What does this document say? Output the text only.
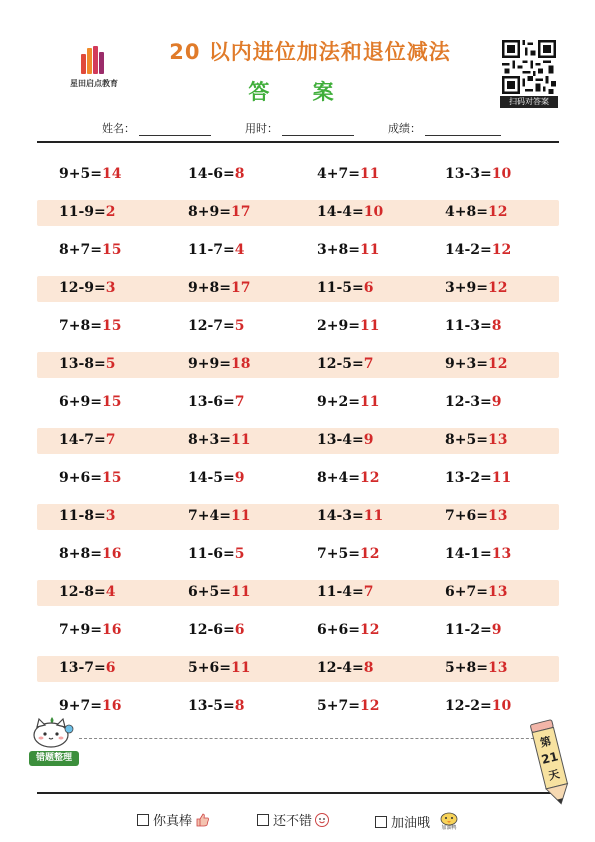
星田启点教育
20 以内进位加法和退位减法
答 案	扫码对答案
姓名：	用时：	成绩：
9+5=14	14-6=8	4+7=11	13-3=10
11-9=2	8+9=17	14-4=10	4+8=12
8+7=15	11-7=4	3+8=11	14-2=12
12-9=3	9+8=17	11-5=6	3+9=12
7+8=15	12-7=5	2+9=11	11-3=8
13-8=5	9+9=18	12-5=7	9+3=12
6+9=15	13-6=7	9+2=11	12-3=9
14-7=7	8+3=11	13-4=9	8+5=13
9+6=15	14-5=9	8+4=12	13-2=11
11-8=3	7+4=11	14-3=11	7+6=13
8+8=16	11-6=5	7+5=12	14-1=13
12-8=4	6+5=11	11-4=7	6+7=13
7+9=16	12-6=6	6+6=12	11-2=9
13-7=6	5+6=11	12-4=8	5+8=13
9+7=16	13-5=8	5+7=12	12-2=10
错题整理
第
21
天
你真棒	还不错	加油哦 加油鸭
